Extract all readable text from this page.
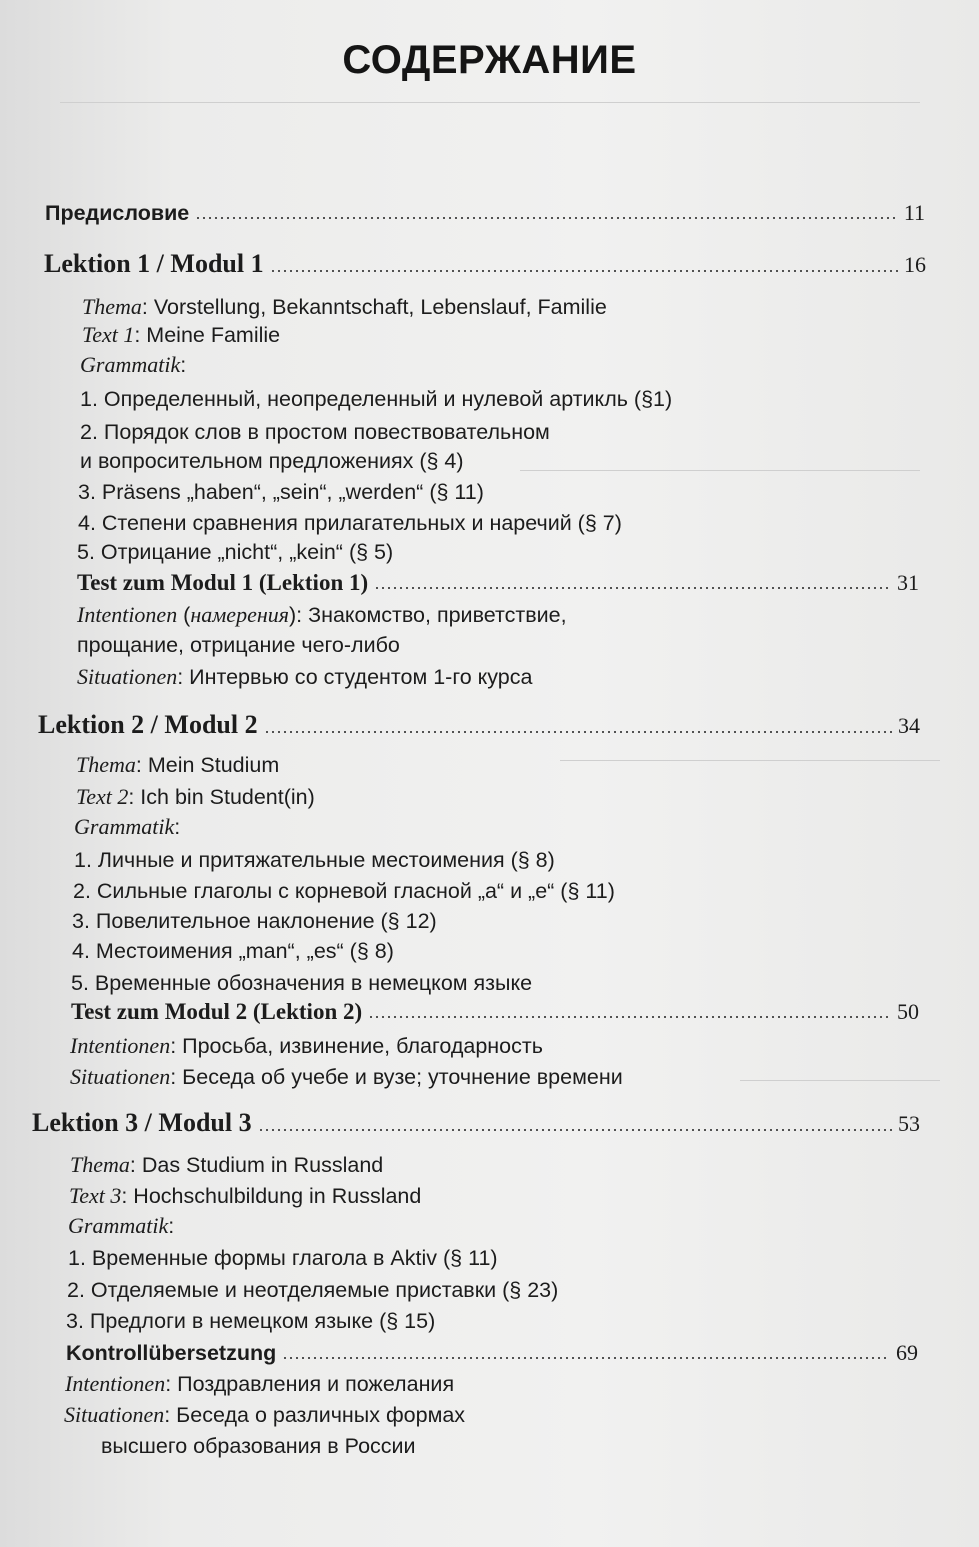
СОДЕРЖАНИЕ
Предисловие	11
Lektion 1 / Modul 1	16
Thema: Vorstellung, Bekanntschaft, Lebenslauf, Familie
Text 1: Meine Familie
Grammatik:
1. Определенный, неопределенный и нулевой артикль (§1)
2. Порядок слов в простом повествовательном
и вопросительном предложениях (§ 4)
3. Präsens „haben“, „sein“, „werden“ (§ 11)
4. Степени сравнения прилагательных и наречий (§ 7)
5. Отрицание „nicht“, „kein“ (§ 5)
Test zum Modul 1 (Lektion 1)	31
Intentionen (намерения): Знакомство, приветствие,
прощание, отрицание чего-либо
Situationen: Интервью со студентом 1-го курса
Lektion 2 / Modul 2	34
Thema: Mein Studium
Text 2: Ich bin Student(in)
Grammatik:
1. Личные и притяжательные местоимения (§ 8)
2. Сильные глаголы с корневой гласной „a“ и „e“ (§ 11)
3. Повелительное наклонение (§ 12)
4. Местоимения „man“, „es“ (§ 8)
5. Временные обозначения в немецком языке
Test zum Modul 2 (Lektion 2)	50
Intentionen: Просьба, извинение, благодарность
Situationen: Беседа об учебе и вузе; уточнение времени
Lektion 3 / Modul 3	53
Thema: Das Studium in Russland
Text 3: Hochschulbildung in Russland
Grammatik:
1. Временные формы глагола в Aktiv (§ 11)
2. Отделяемые и неотделяемые приставки (§ 23)
3. Предлоги в немецком языке (§ 15)
Kontrollübersetzung	69
Intentionen: Поздравления и пожелания
Situationen: Беседа о различных формах
высшего образования в России
